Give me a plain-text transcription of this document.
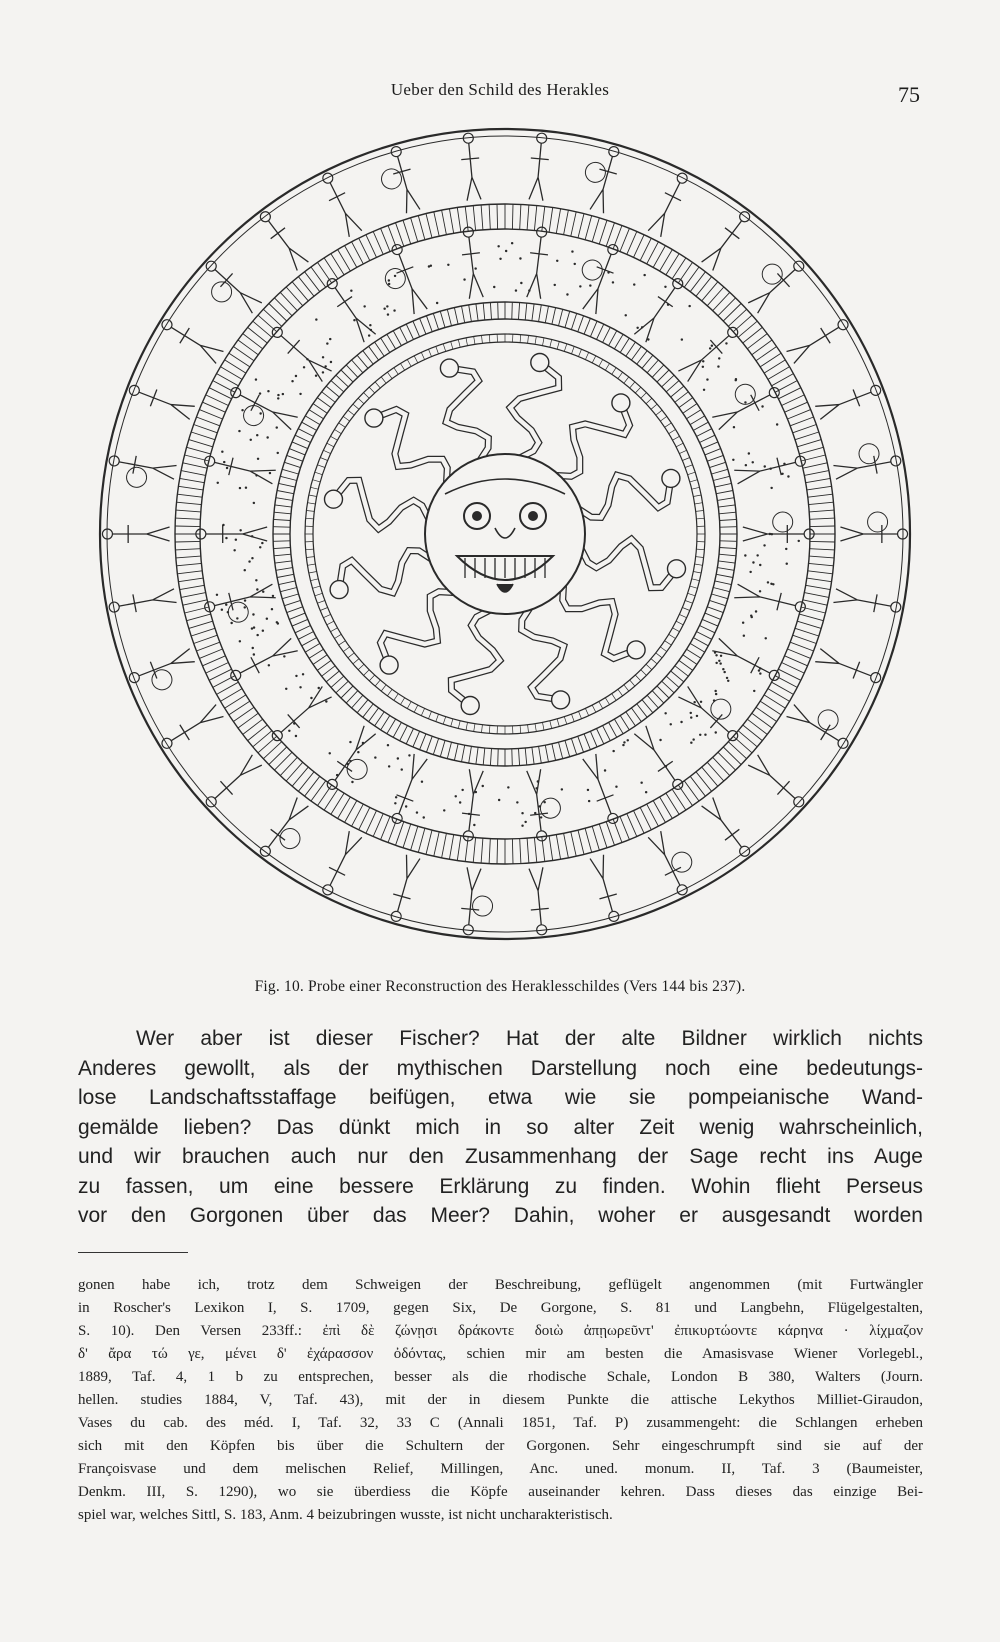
Ueber den Schild des Herakles	75
Fig. 10. Probe einer Reconstruction des Heraklesschildes (Vers 144 bis 237).
Wer aber ist dieser Fischer? Hat der alte Bildner wirklich nichts
Anderes gewollt, als der mythischen Darstellung noch eine bedeutungs-
lose Landschaftsstaffage beifügen, etwa wie sie pompeianische Wand-
gemälde lieben? Das dünkt mich in so alter Zeit wenig wahrscheinlich,
und wir brauchen auch nur den Zusammenhang der Sage recht ins Auge
zu fassen, um eine bessere Erklärung zu finden. Wohin flieht Perseus
vor den Gorgonen über das Meer? Dahin, woher er ausgesandt worden
gonen habe ich, trotz dem Schweigen der Beschreibung, geflügelt angenommen (mit Furtwängler
in Roscher's Lexikon I, S. 1709, gegen Six, De Gorgone, S. 81 und Langbehn, Flügelgestalten,
S. 10). Den Versen 233ff.: ἐπὶ δὲ ζώνῃσι δράκοντε δοιὼ ἀπῃωρεῦντ' ἐπικυρτώοντε κάρηνα · λίχμαζον
δ' ἄρα τώ γε, μένει δ' ἐχάρασσον ὀδόντας, schien mir am besten die Amasisvase Wiener Vorlegebl.,
1889, Taf. 4, 1 b zu entsprechen, besser als die rhodische Schale, London B 380, Walters (Journ.
hellen. studies 1884, V, Taf. 43), mit der in diesem Punkte die attische Lekythos Milliet-Giraudon,
Vases du cab. des méd. I, Taf. 32, 33 C (Annali 1851, Taf. P) zusammengeht: die Schlangen erheben
sich mit den Köpfen bis über die Schultern der Gorgonen. Sehr eingeschrumpft sind sie auf der
Françoisvase und dem melischen Relief, Millingen, Anc. uned. monum. II, Taf. 3 (Baumeister,
Denkm. III, S. 1290), wo sie überdiess die Köpfe auseinander kehren. Dass dieses das einzige Bei-
spiel war, welches Sittl, S. 183, Anm. 4 beizubringen wusste, ist nicht uncharakteristisch.
